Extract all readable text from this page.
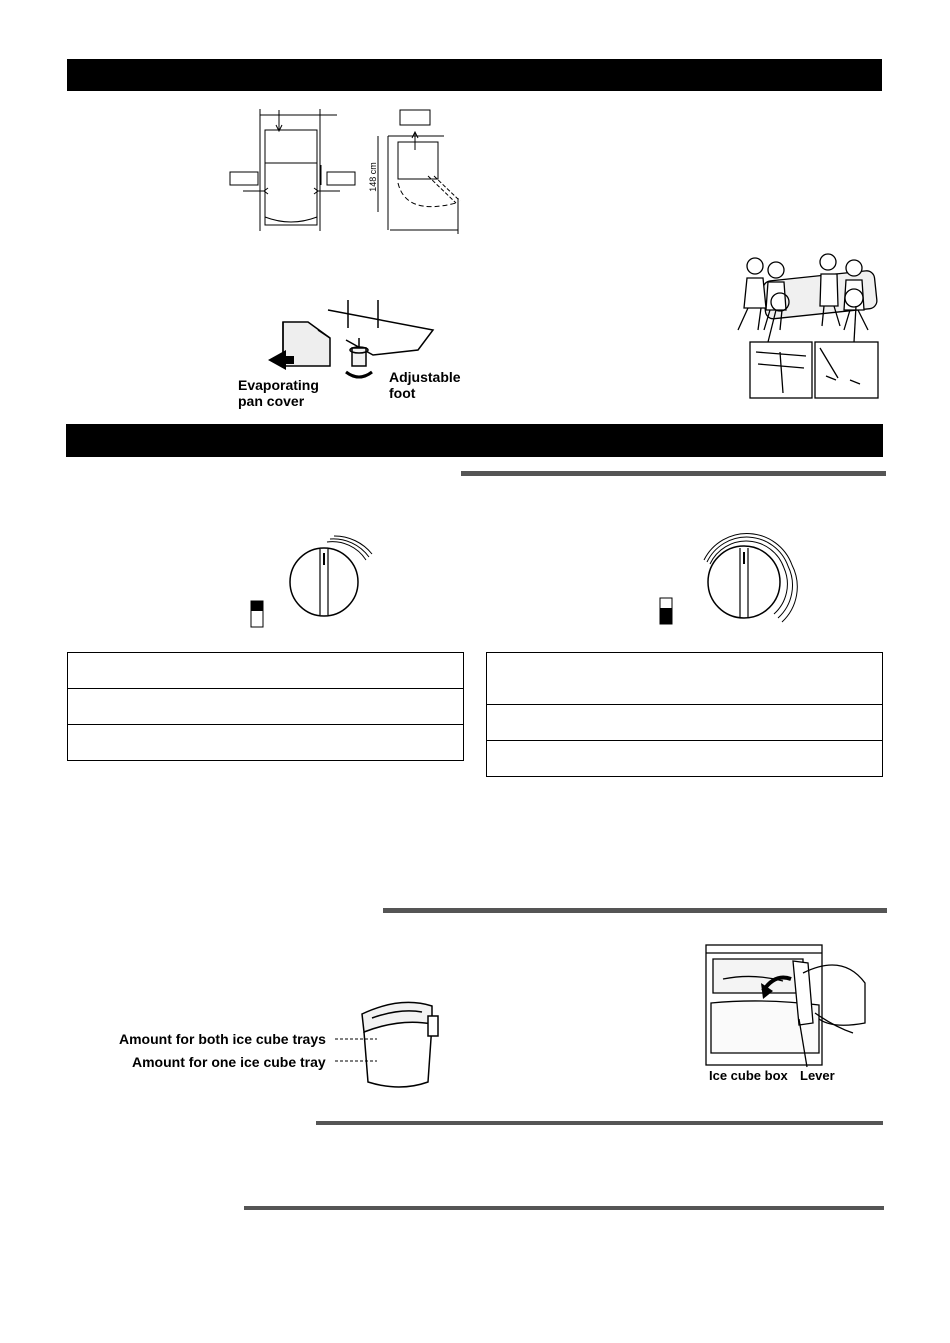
148 cm
Evaporating pan cover
Adjustable foot
Amount for both ice cube trays
Amount for one ice cube tray
Ice cube box Lever
